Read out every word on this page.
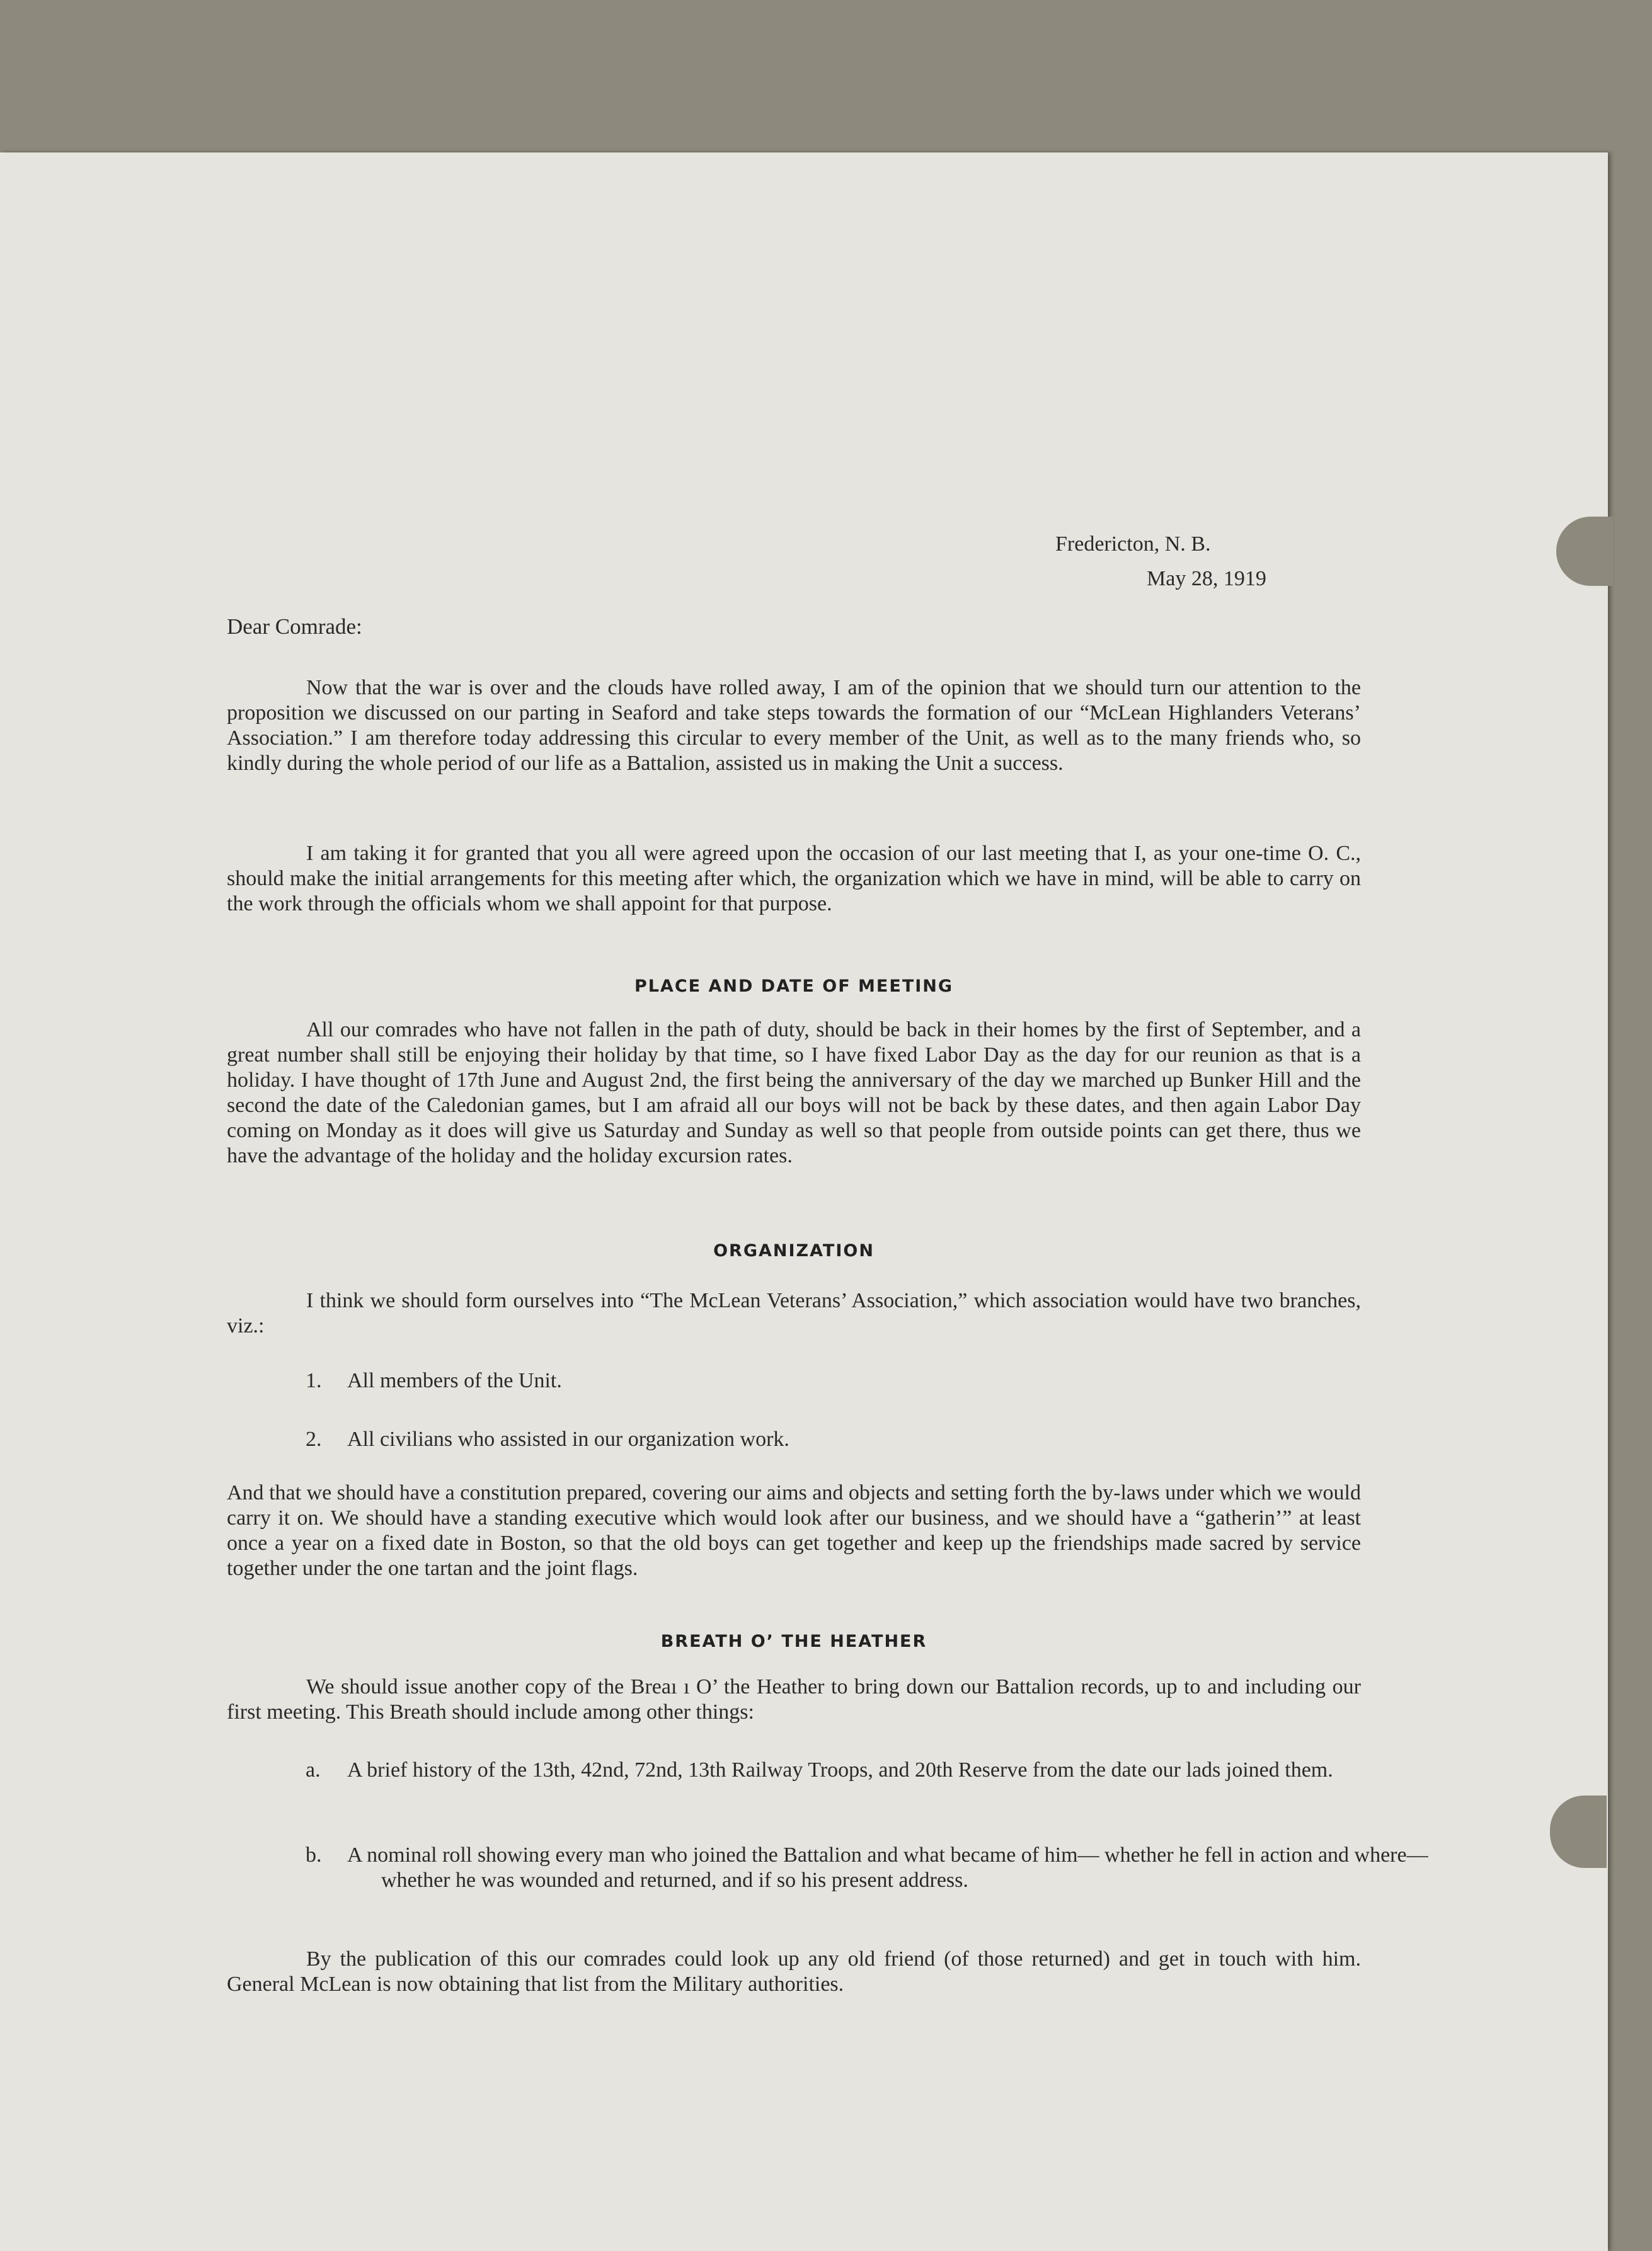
Fredericton, N. B.
May 28, 1919
Dear Comrade:

Now that the war is over and the clouds have rolled away, I am of the opinion that we should turn our attention to the proposition we discussed on our parting in Seaford and take steps towards the formation of our “McLean Highlanders Veterans’ Association.” I am therefore today addressing this circular to every member of the Unit, as well as to the many friends who, so kindly during the whole period of our life as a Battalion, assisted us in making the Unit a success.

I am taking it for granted that you all were agreed upon the occasion of our last meeting that I, as your one-time O. C., should make the initial arrangements for this meeting after which, the organization which we have in mind, will be able to carry on the work through the officials whom we shall appoint for that purpose.

PLACE AND DATE OF MEETING

All our comrades who have not fallen in the path of duty, should be back in their homes by the first of September, and a great number shall still be enjoying their holiday by that time, so I have fixed Labor Day as the day for our reunion as that is a holiday. I have thought of 17th June and August 2nd, the first being the anniversary of the day we marched up Bunker Hill and the second the date of the Caledonian games, but I am afraid all our boys will not be back by these dates, and then again Labor Day coming on Monday as it does will give us Saturday and Sunday as well so that people from outside points can get there, thus we have the advantage of the holiday and the holiday excursion rates.

ORGANIZATION

I think we should form ourselves into “The McLean Veterans’ Association,” which association would have two branches, viz.:

1. All members of the Unit.
2. All civilians who assisted in our organization work.

And that we should have a constitution prepared, covering our aims and objects and setting forth the by-laws under which we would carry it on. We should have a standing executive which would look after our business, and we should have a “gatherin’” at least once a year on a fixed date in Boston, so that the old boys can get together and keep up the friendships made sacred by service together under the one tartan and the joint flags.

BREATH O’ THE HEATHER

We should issue another copy of the Breaı ı O’ the Heather to bring down our Battalion records, up to and including our first meeting. This Breath should include among other things:

a. A brief history of the 13th, 42nd, 72nd, 13th Railway Troops, and 20th Reserve from the date our lads joined them.
b. A nominal roll showing every man who joined the Battalion and what became of him— whether he fell in action and where—whether he was wounded and returned, and if so his present address.

By the publication of this our comrades could look up any old friend (of those returned) and get in touch with him. General McLean is now obtaining that list from the Military authorities.
